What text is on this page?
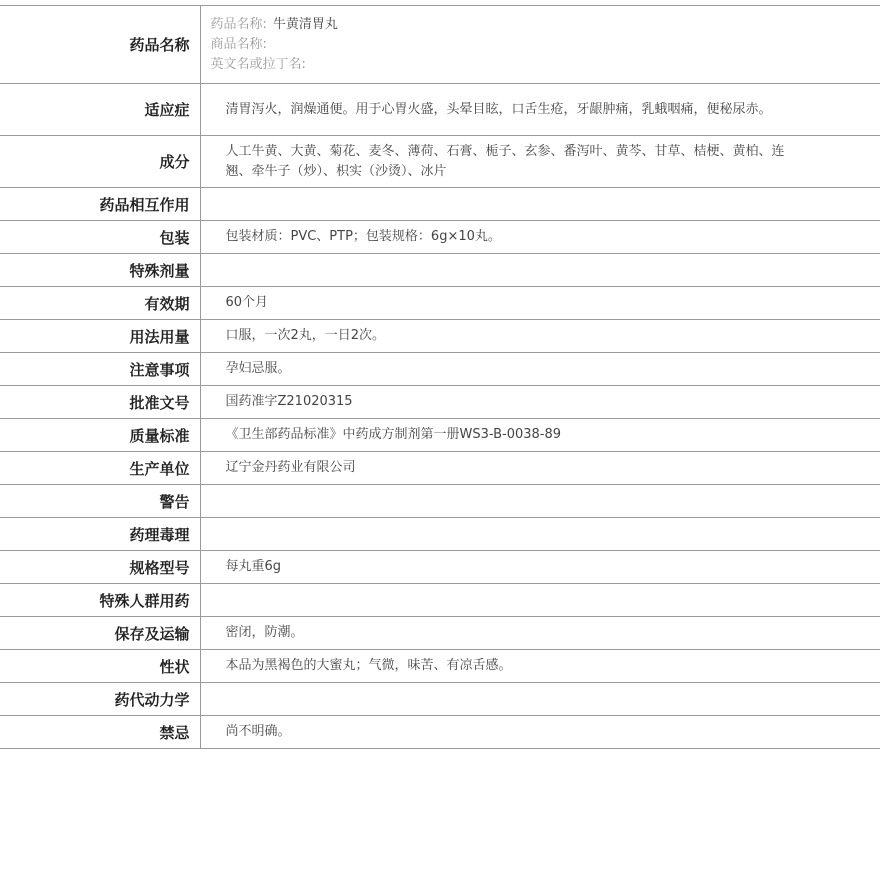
药品名称	药品名称: 牛黄清胃丸
商品名称:
英文名或拉丁名:

适应症	清胃泻火，润燥通便。用于心胃火盛，头晕目眩，口舌生疮，牙龈肿痛，乳蛾咽痛，便秘尿赤。
成分	人工牛黄、大黄、菊花、麦冬、薄荷、石膏、栀子、玄参、番泻叶、黄芩、甘草、桔梗、黄柏、连翘、牵牛子（炒）、枳实（沙烫）、冰片
药品相互作用	
包装	包装材质：PVC、PTP；包装规格：6g×10丸。
特殊剂量	
有效期	60个月
用法用量	口服，一次2丸，一日2次。
注意事项	孕妇忌服。
批准文号	国药准字Z21020315
质量标准	《卫生部药品标准》中药成方制剂第一册WS3-B-0038-89
生产单位	辽宁金丹药业有限公司
警告	
药理毒理	
规格型号	每丸重6g
特殊人群用药	
保存及运输	密闭，防潮。
性状	本品为黑褐色的大蜜丸；气微，味苦、有凉舌感。
药代动力学	
禁忌	尚不明确。
